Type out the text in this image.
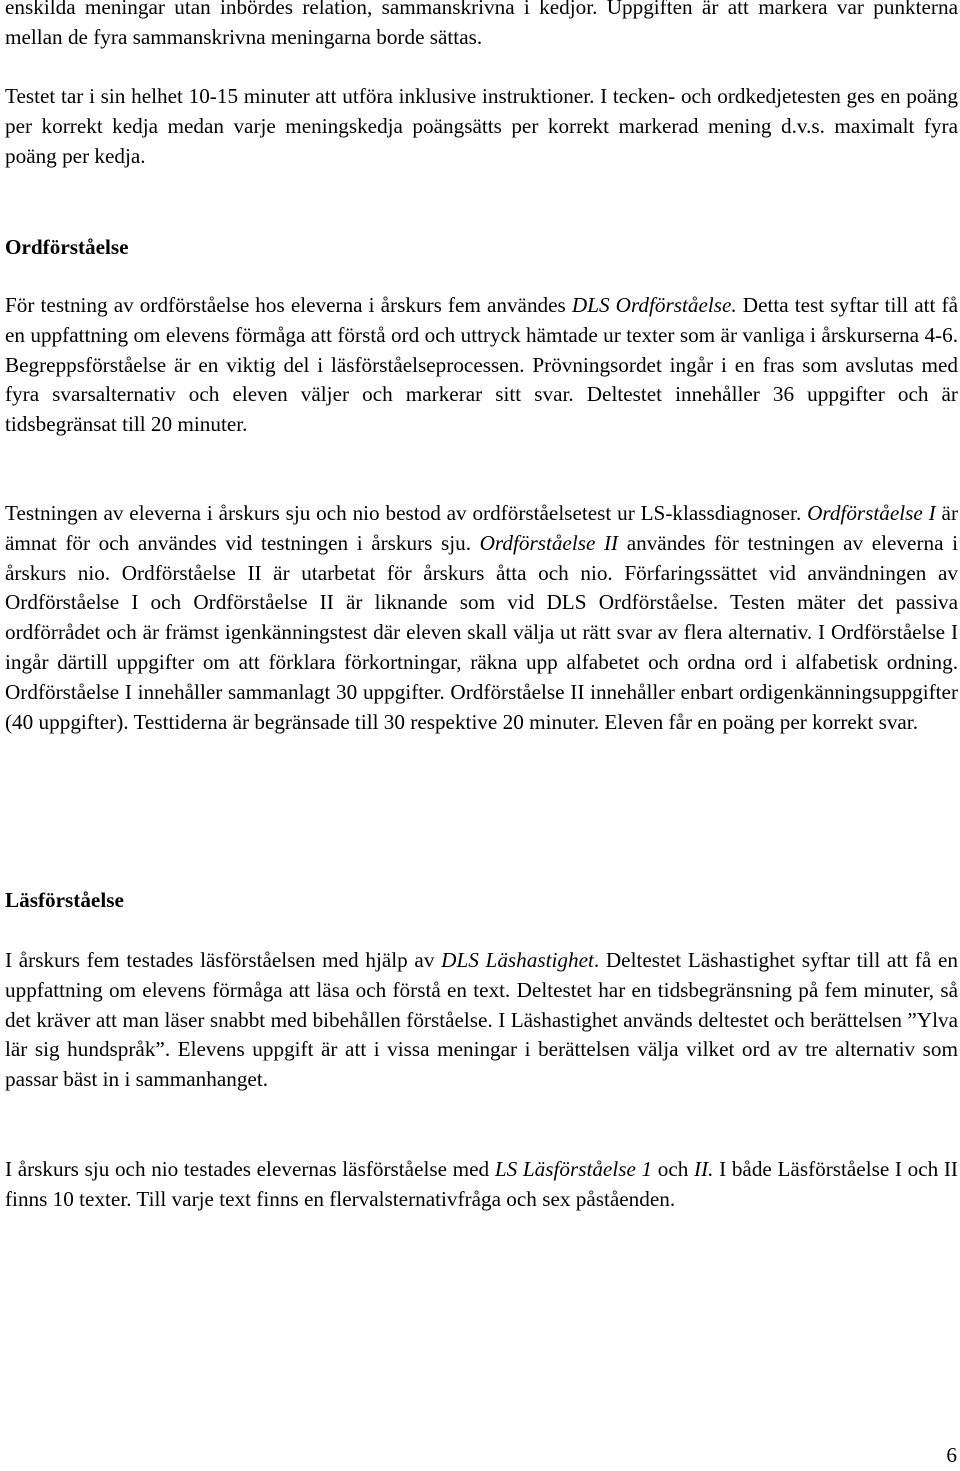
enskilda meningar utan inbördes relation, sammanskrivna i kedjor. Uppgiften är att markera var punkterna mellan de fyra sammanskrivna meningarna borde sättas.

Testet tar i sin helhet 10-15 minuter att utföra inklusive instruktioner. I tecken- och ordkedjetesten ges en poäng per korrekt kedja medan varje meningskedja poängsätts per korrekt markerad mening d.v.s. maximalt fyra poäng per kedja.

Ordförståelse

För testning av ordförståelse hos eleverna i årskurs fem användes DLS Ordförståelse. Detta test syftar till att få en uppfattning om elevens förmåga att förstå ord och uttryck hämtade ur texter som är vanliga i årskurserna 4-6. Begreppsförståelse är en viktig del i läsförståelseprocessen. Prövningsordet ingår i en fras som avslutas med fyra svarsalternativ och eleven väljer och markerar sitt svar. Deltestet innehåller 36 uppgifter och är tidsbegränsat till 20 minuter.

Testningen av eleverna i årskurs sju och nio bestod av ordförståelsetest ur LS-klassdiagnoser. Ordförståelse I är ämnat för och användes vid testningen i årskurs sju. Ordförståelse II användes för testningen av eleverna i årskurs nio. Ordförståelse II är utarbetat för årskurs åtta och nio. Förfaringssättet vid användningen av Ordförståelse I och Ordförståelse II är liknande som vid DLS Ordförståelse. Testen mäter det passiva ordförrådet och är främst igenkänningstest där eleven skall välja ut rätt svar av flera alternativ. I Ordförståelse I ingår därtill uppgifter om att förklara förkortningar, räkna upp alfabetet och ordna ord i alfabetisk ordning. Ordförståelse I innehåller sammanlagt 30 uppgifter. Ordförståelse II innehåller enbart ordigenkänningsuppgifter (40 uppgifter). Testtiderna är begränsade till 30 respektive 20 minuter. Eleven får en poäng per korrekt svar.

Läsförståelse

I årskurs fem testades läsförståelsen med hjälp av DLS Läshastighet. Deltestet Läshastighet syftar till att få en uppfattning om elevens förmåga att läsa och förstå en text. Deltestet har en tidsbegränsning på fem minuter, så det kräver att man läser snabbt med bibehållen förståelse. I Läshastighet används deltestet och berättelsen ”Ylva lär sig hundspråk”. Elevens uppgift är att i vissa meningar i berättelsen välja vilket ord av tre alternativ som passar bäst in i sammanhanget.

I årskurs sju och nio testades elevernas läsförståelse med LS Läsförståelse 1 och II. I både Läsförståelse I och II finns 10 texter. Till varje text finns en flervalsternativfråga och sex påståenden.

6
